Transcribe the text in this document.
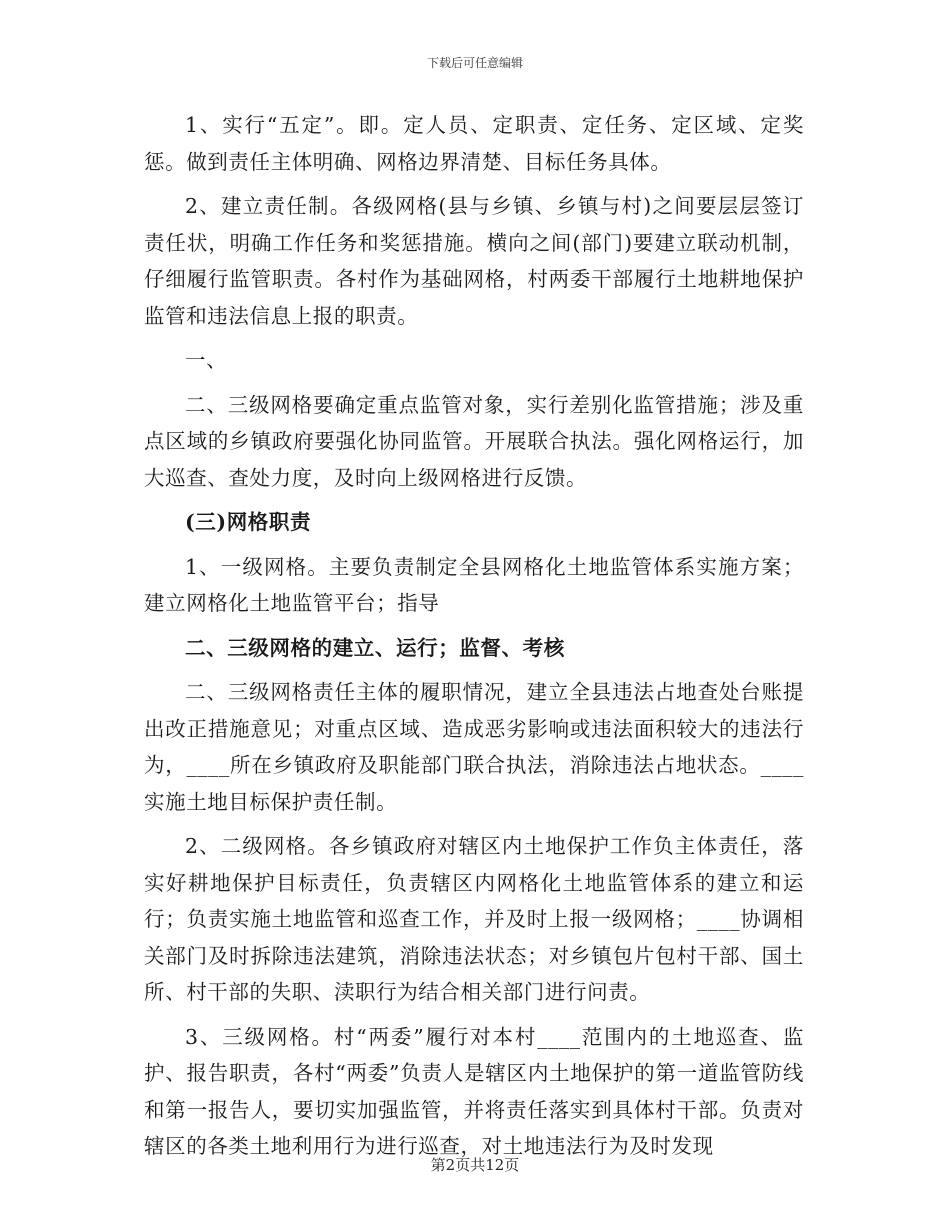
下载后可任意编辑

1、实行“五定”。即。定人员、定职责、定任务、定区域、定奖惩。做到责任主体明确、网格边界清楚、目标任务具体。

2、建立责任制。各级网格(县与乡镇、乡镇与村)之间要层层签订责任状，明确工作任务和奖惩措施。横向之间(部门)要建立联动机制，仔细履行监管职责。各村作为基础网格，村两委干部履行土地耕地保护监管和违法信息上报的职责。

一、

二、三级网格要确定重点监管对象，实行差别化监管措施；涉及重点区域的乡镇政府要强化协同监管。开展联合执法。强化网格运行，加大巡查、查处力度，及时向上级网格进行反馈。

(三)网格职责

1、一级网格。主要负责制定全县网格化土地监管体系实施方案；建立网格化土地监管平台；指导

二、三级网格的建立、运行；监督、考核

二、三级网格责任主体的履职情况，建立全县违法占地查处台账提出改正措施意见；对重点区域、造成恶劣影响或违法面积较大的违法行为，____所在乡镇政府及职能部门联合执法，消除违法占地状态。____实施土地目标保护责任制。

2、二级网格。各乡镇政府对辖区内土地保护工作负主体责任，落实好耕地保护目标责任，负责辖区内网格化土地监管体系的建立和运行；负责实施土地监管和巡查工作，并及时上报一级网格；____协调相关部门及时拆除违法建筑，消除违法状态；对乡镇包片包村干部、国土所、村干部的失职、渎职行为结合相关部门进行问责。

3、三级网格。村“两委”履行对本村____范围内的土地巡查、监护、报告职责，各村“两委”负责人是辖区内土地保护的第一道监管防线和第一报告人，要切实加强监管，并将责任落实到具体村干部。负责对辖区的各类土地利用行为进行巡查，对土地违法行为及时发现

第2页共12页
